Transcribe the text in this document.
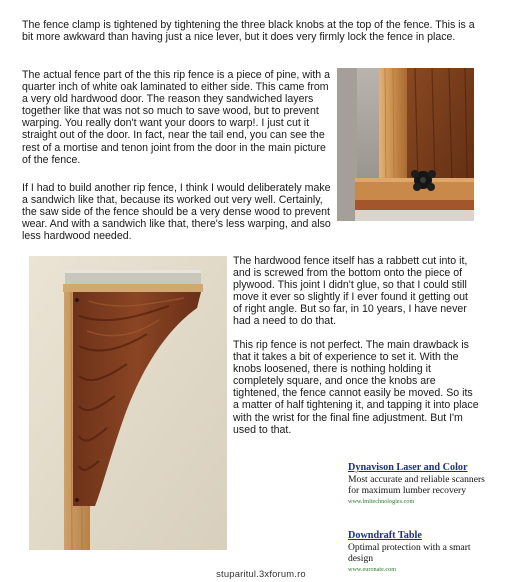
The fence clamp is tightened by tightening the three black knobs at the top of the fence. This is a bit more awkward than having just a nice lever, but it does very firmly lock the fence in place.

The actual fence part of the this rip fence is a piece of pine, with a quarter inch of white oak laminated to either side. This came from a very old hardwood door. The reason they sandwiched layers together like that was not so much to save wood, but to prevent warping. You really don't want your doors to warp!. I just cut it straight out of the door. In fact, near the tail end, you can see the rest of a mortise and tenon joint from the door in the main picture of the fence.

If I had to build another rip fence, I think I would deliberately make a sandwich like that, because its worked out very well. Certainly, the saw side of the fence should be a very dense wood to prevent wear. And with a sandwich like that, there's less warping, and also less hardwood needed.

The hardwood fence itself has a rabbett cut into it, and is screwed from the bottom onto the piece of plywood. This joint I didn't glue, so that I could still move it ever so slightly if I ever found it getting out of right angle. But so far, in 10 years, I have never had a need to do that.

This rip fence is not perfect. The main drawback is that it takes a bit of experience to set it. With the knobs loosened, there is nothing holding it completely square, and once the knobs are tightened, the fence cannot easily be moved. So its a matter of half tightening it, and tapping it into place with the wrist for the final fine adjustment. But I'm used to that.

Dynavison Laser and Color
Most accurate and reliable scanners for maximum lumber recovery
www.lmitechnologies.com
Downdraft Table
Optimal protection with a smart design
www.euronate.com
stuparitul.3xforum.ro
